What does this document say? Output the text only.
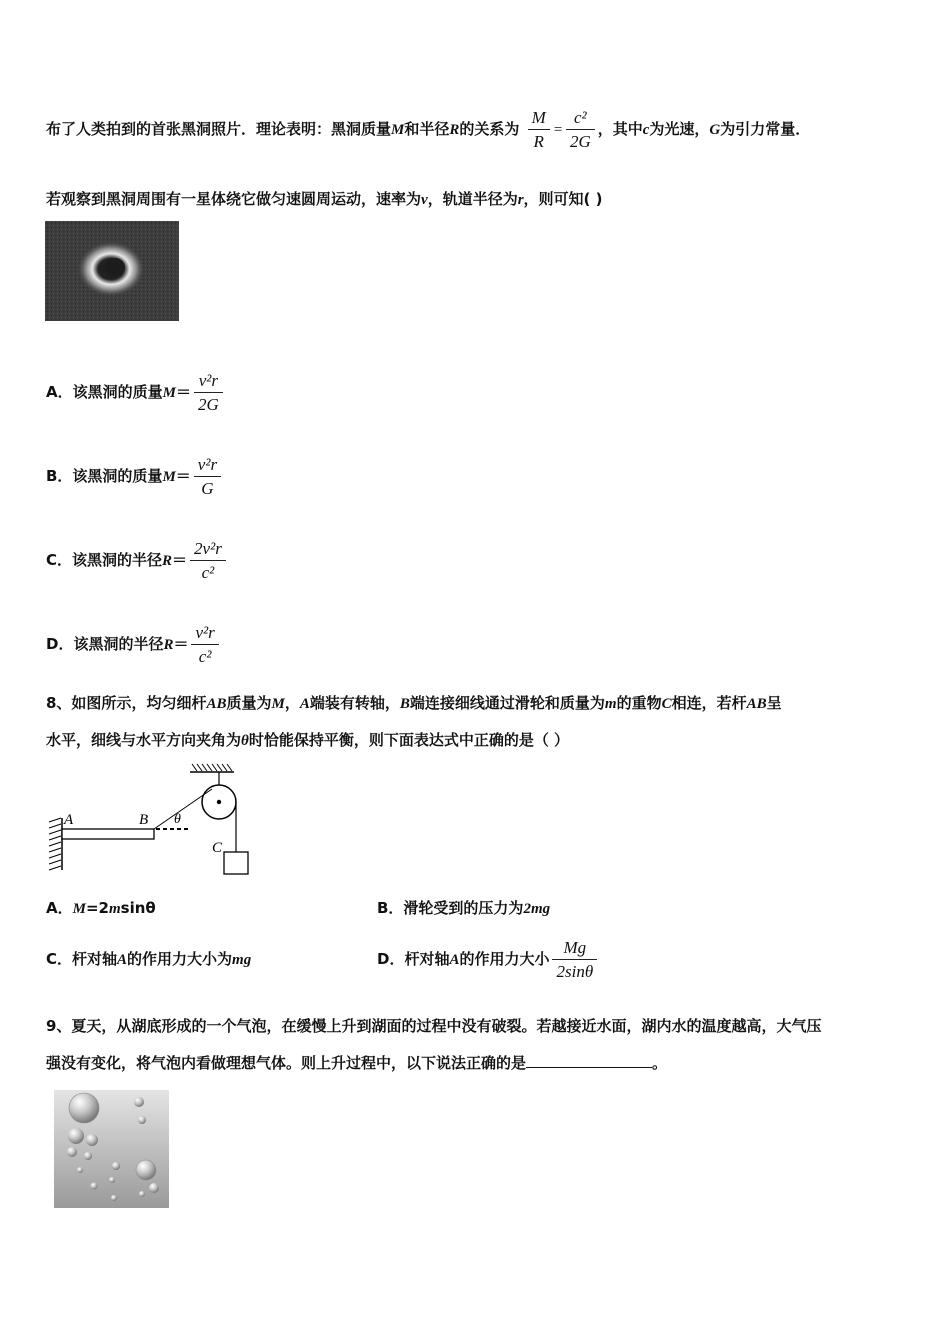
布了人类拍到的首张黑洞照片．理论表明：黑洞质量M和半径R的关系为 $\frac{M}{R} = \frac{\text{c²}}{2G}$ ，其中c为光速，G为引力常量．
若观察到黑洞周围有一星体绕它做匀速圆周运动，速率为v，轨道半径为r，则可知( )
A．该黑洞的质量$M= \frac{\text{v²r}}{2G}$
B．该黑洞的质量$M= \frac{\text{v²r}}{G}$
C．该黑洞的半径$R= \frac{\text{2v²r}}{\text{c²}}$
D．该黑洞的半径$R= \frac{\text{v²r}}{\text{c²}}$
8、如图所示，均匀细杆AB质量为M，A端装有转轴，B端连接细线通过滑轮和质量为m的重物C相连，若杆AB呈
水平，细线与水平方向夹角为θ时恰能保持平衡，则下面表达式中正确的是（ ）
A	B θ
C
A．M=2msinθ	B．滑轮受到的压力为2mg
C．杆对轴A的作用力大小为mg	D．杆对轴A的作用力大小 $\frac{Mg}{2\sin\theta}$
9、夏天，从湖底形成的一个气泡，在缓慢上升到湖面的过程中没有破裂。若越接近水面，湖内水的温度越高，大气压
强没有变化，将气泡内看做理想气体。则上升过程中，以下说法正确的是	。
